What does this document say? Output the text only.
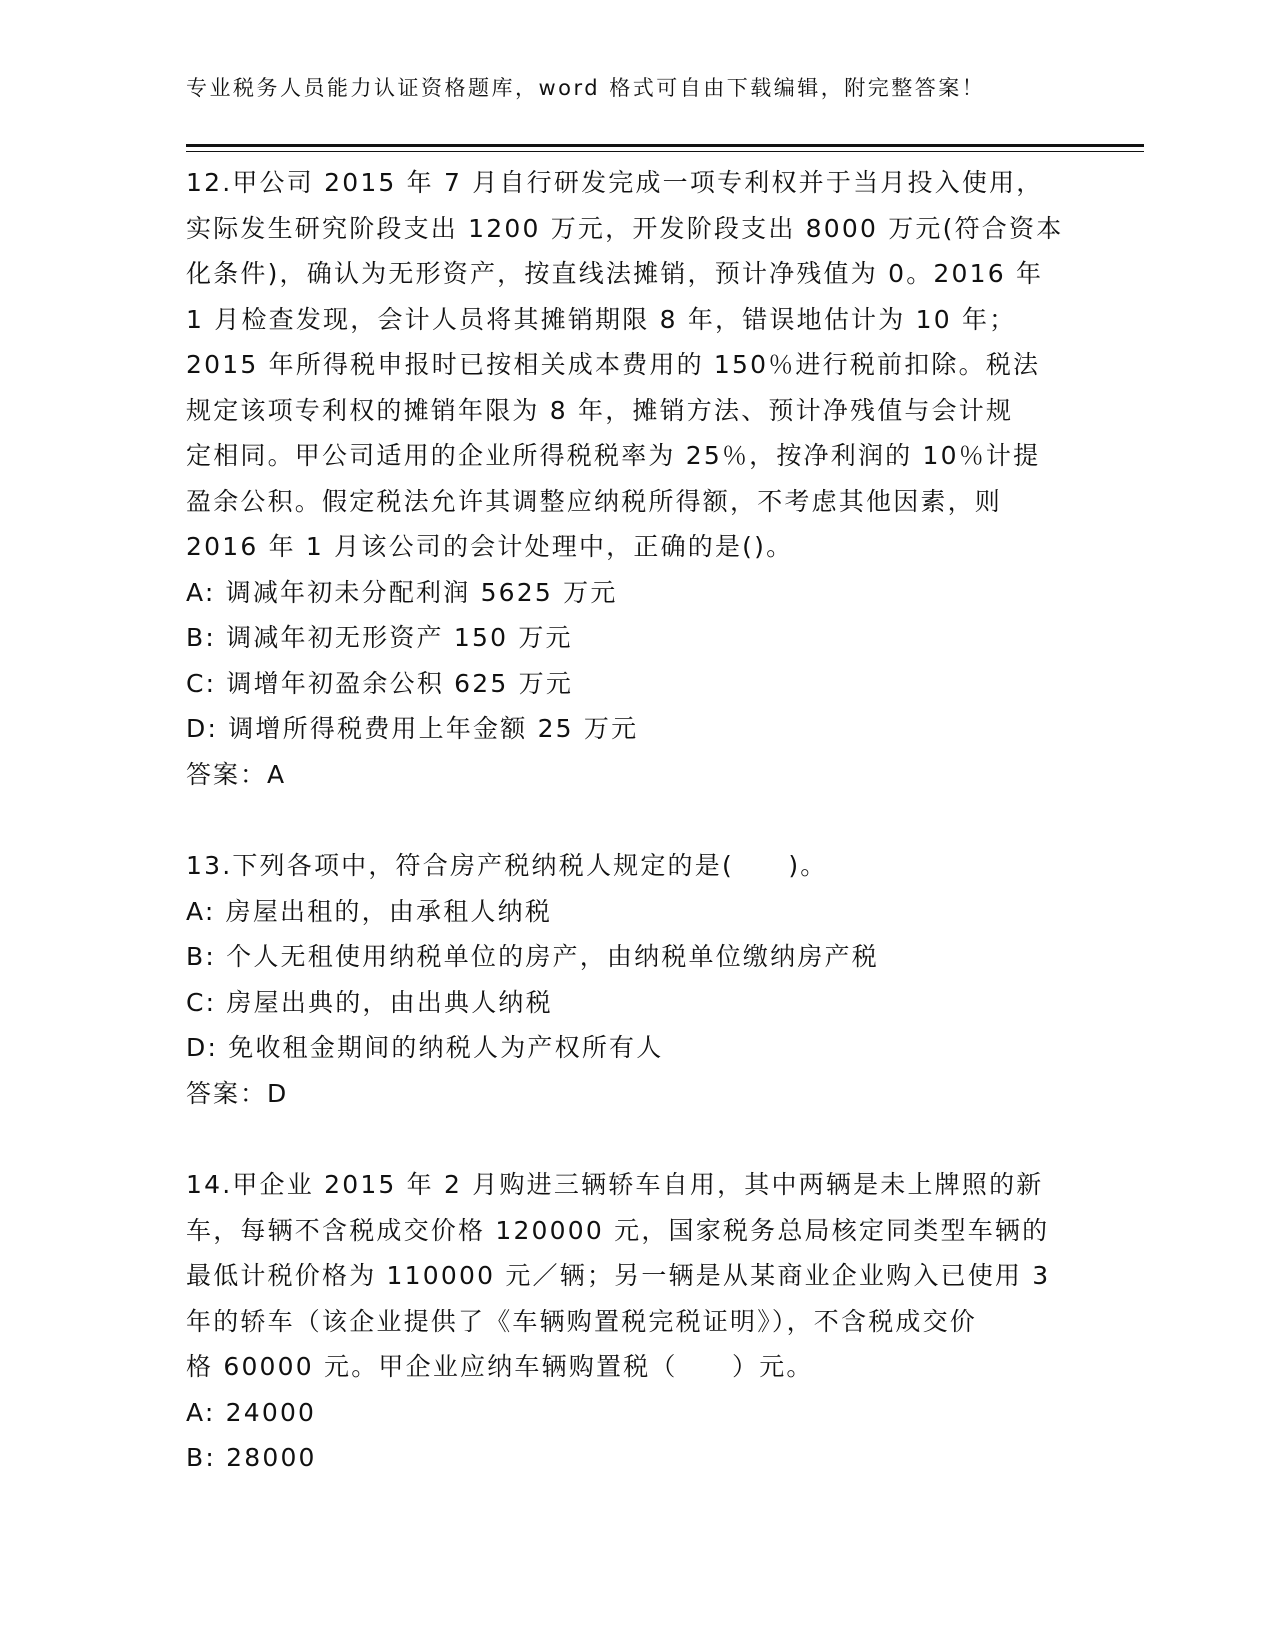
专业税务人员能力认证资格题库，word 格式可自由下载编辑，附完整答案！
12.甲公司 2015 年 7 月自行研发完成一项专利权并于当月投入使用，
实际发生研究阶段支出 1200 万元，开发阶段支出 8000 万元(符合资本
化条件)，确认为无形资产，按直线法摊销，预计净残值为 0。2016 年
1 月检查发现，会计人员将其摊销期限 8 年，错误地估计为 10 年；
2015 年所得税申报时已按相关成本费用的 150％进行税前扣除。税法
规定该项专利权的摊销年限为 8 年，摊销方法、预计净残值与会计规
定相同。甲公司适用的企业所得税税率为 25％，按净利润的 10％计提
盈余公积。假定税法允许其调整应纳税所得额，不考虑其他因素，则
2016 年 1 月该公司的会计处理中，正确的是()。
A: 调减年初未分配利润 5625 万元
B: 调减年初无形资产 150 万元
C: 调增年初盈余公积 625 万元
D: 调增所得税费用上年金额 25 万元
答案：A
13.下列各项中，符合房产税纳税人规定的是(　　)。
A: 房屋出租的，由承租人纳税
B: 个人无租使用纳税单位的房产，由纳税单位缴纳房产税
C: 房屋出典的，由出典人纳税
D: 免收租金期间的纳税人为产权所有人
答案：D
14.甲企业 2015 年 2 月购进三辆轿车自用，其中两辆是未上牌照的新
车，每辆不含税成交价格 120000 元，国家税务总局核定同类型车辆的
最低计税价格为 110000 元／辆；另一辆是从某商业企业购入已使用 3
年的轿车（该企业提供了《车辆购置税完税证明》），不含税成交价
格 60000 元。甲企业应纳车辆购置税（　　）元。
A: 24000
B: 28000
